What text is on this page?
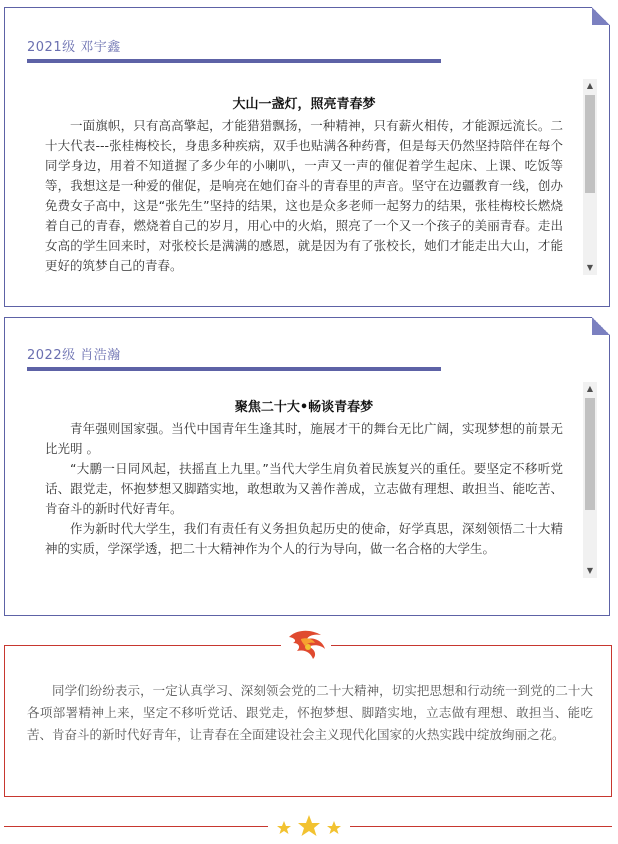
2021级 邓宇鑫
大山一盏灯，照亮青春梦

一面旗帜，只有高高擎起，才能猎猎飘扬，一种精神，只有薪火相传，才能源远流长。二十大代表---张桂梅校长，身患多种疾病，双手也贴满各种药膏，但是每天仍然坚持陪伴在每个同学身边，用着不知道握了多少年的小喇叭，一声又一声的催促着学生起床、上课、吃饭等等，我想这是一种爱的催促，是响亮在她们奋斗的青春里的声音。坚守在边疆教育一线，创办免费女子高中，这是“张先生”坚持的结果，这也是众多老师一起努力的结果，张桂梅校长燃烧着自己的青春，燃烧着自己的岁月，用心中的火焰，照亮了一个又一个孩子的美丽青春。走出女高的学生回来时，对张校长是满满的感恩，就是因为有了张校长，她们才能走出大山，才能更好的筑梦自己的青春。

▲
▼
2022级 肖浩瀚
聚焦二十大•畅谈青春梦

青年强则国家强。当代中国青年生逢其时，施展才干的舞台无比广阔，实现梦想的前景无比光明 。

“大鹏一日同风起，扶摇直上九里。”当代大学生肩负着民族复兴的重任。要坚定不移听党话、跟党走，怀抱梦想又脚踏实地，敢想敢为又善作善成，立志做有理想、敢担当、能吃苦、肯奋斗的新时代好青年。

作为新时代大学生，我们有责任有义务担负起历史的使命，好学真思，深刻领悟二十大精神的实质，学深学透，把二十大精神作为个人的行为导向，做一名合格的大学生。

▲
▼

同学们纷纷表示，一定认真学习、深刻领会党的二十大精神，切实把思想和行动统一到党的二十大各项部署精神上来，坚定不移听党话、跟党走，怀抱梦想、脚踏实地，立志做有理想、敢担当、能吃苦、肯奋斗的新时代好青年，让青春在全面建设社会主义现代化国家的火热实践中绽放绚丽之花。
